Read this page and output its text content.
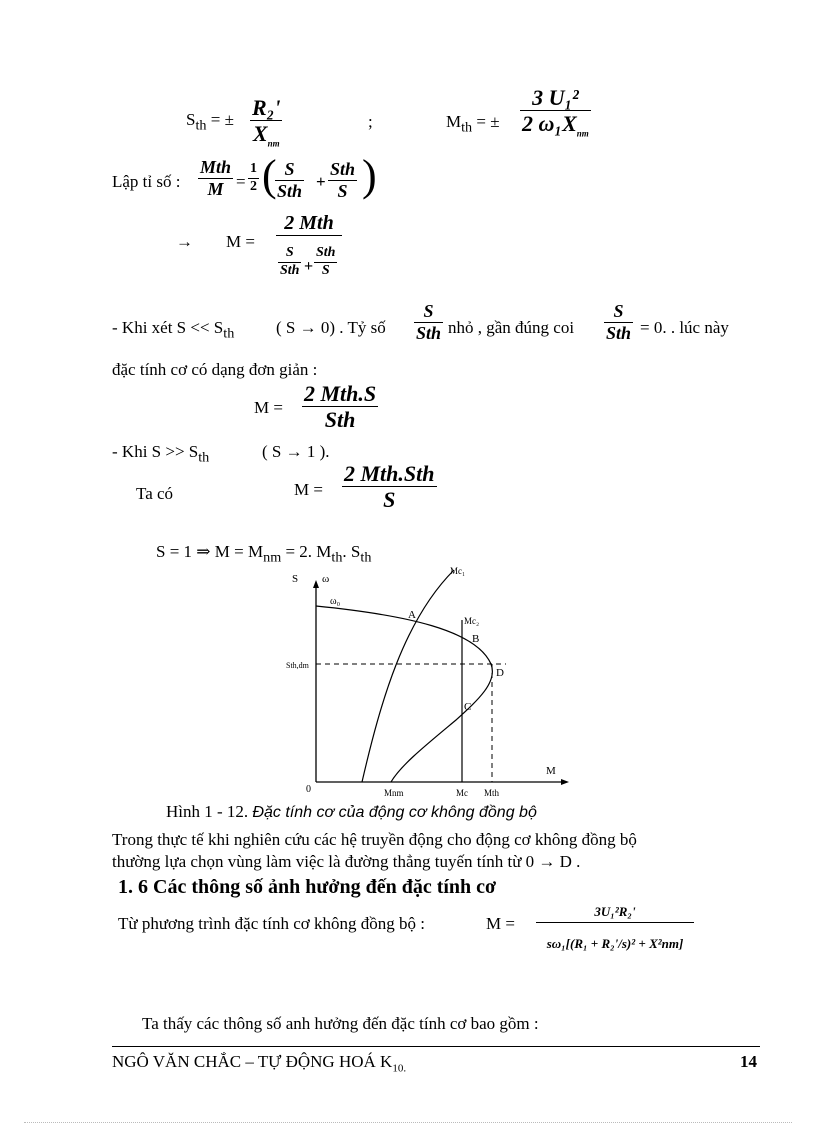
$S_{th}$ = ± R₂'
$X_{nm}$
;	$M_{th}$ = ±
3 U₁²
2 $\omega_1X_{nm}$
Lập tỉ số :
Mth
M =
1
2 ( S
Sth +
Sth
S )
→ M =
2 Mth
S
Sth +
Sth
S
- Khi xét $S << S_{th}$ ( S → 0) . Tỷ số
S
Sth nhỏ , gần đúng coi
S
Sth = 0. . lúc này
đặc tính cơ có dạng đơn giản :
M =
2 Mth.S
Sth
- Khi $S >> S_{th}$	( S → 1 ).
Ta có	M =
2 Mth.Sth
S
S = 1 ⇒ $M = M_{nm} = 2$. $M_{th}$. $S_{th}$
S ω
ω₀
Sth,dm
0
M
Mc₁
Mc₂
A
B
C
D
Mnm	Mc Mth
Hình 1 - 12. Đặc tính cơ của động cơ không đồng bộ
Trong thực tế khi nghiên cứu các hệ truyền động cho động cơ không đồng bộ
thường lựa chọn vùng làm việc là đường thẳng tuyến tính từ 0 → D .
1. 6 Các thông số ảnh hưởng đến đặc tính cơ
Từ phương trình đặc tính cơ không đồng bộ :	M =
3U₁²R₂'
sω₁[(R₁ + R₂'/s)² + X²nm]
Ta thấy các thông số anh hưởng đến đặc tính cơ bao gồm :
NGÔ VĂN CHẮC – TỰ ĐỘNG HOÁ $K_{10.}$	14
